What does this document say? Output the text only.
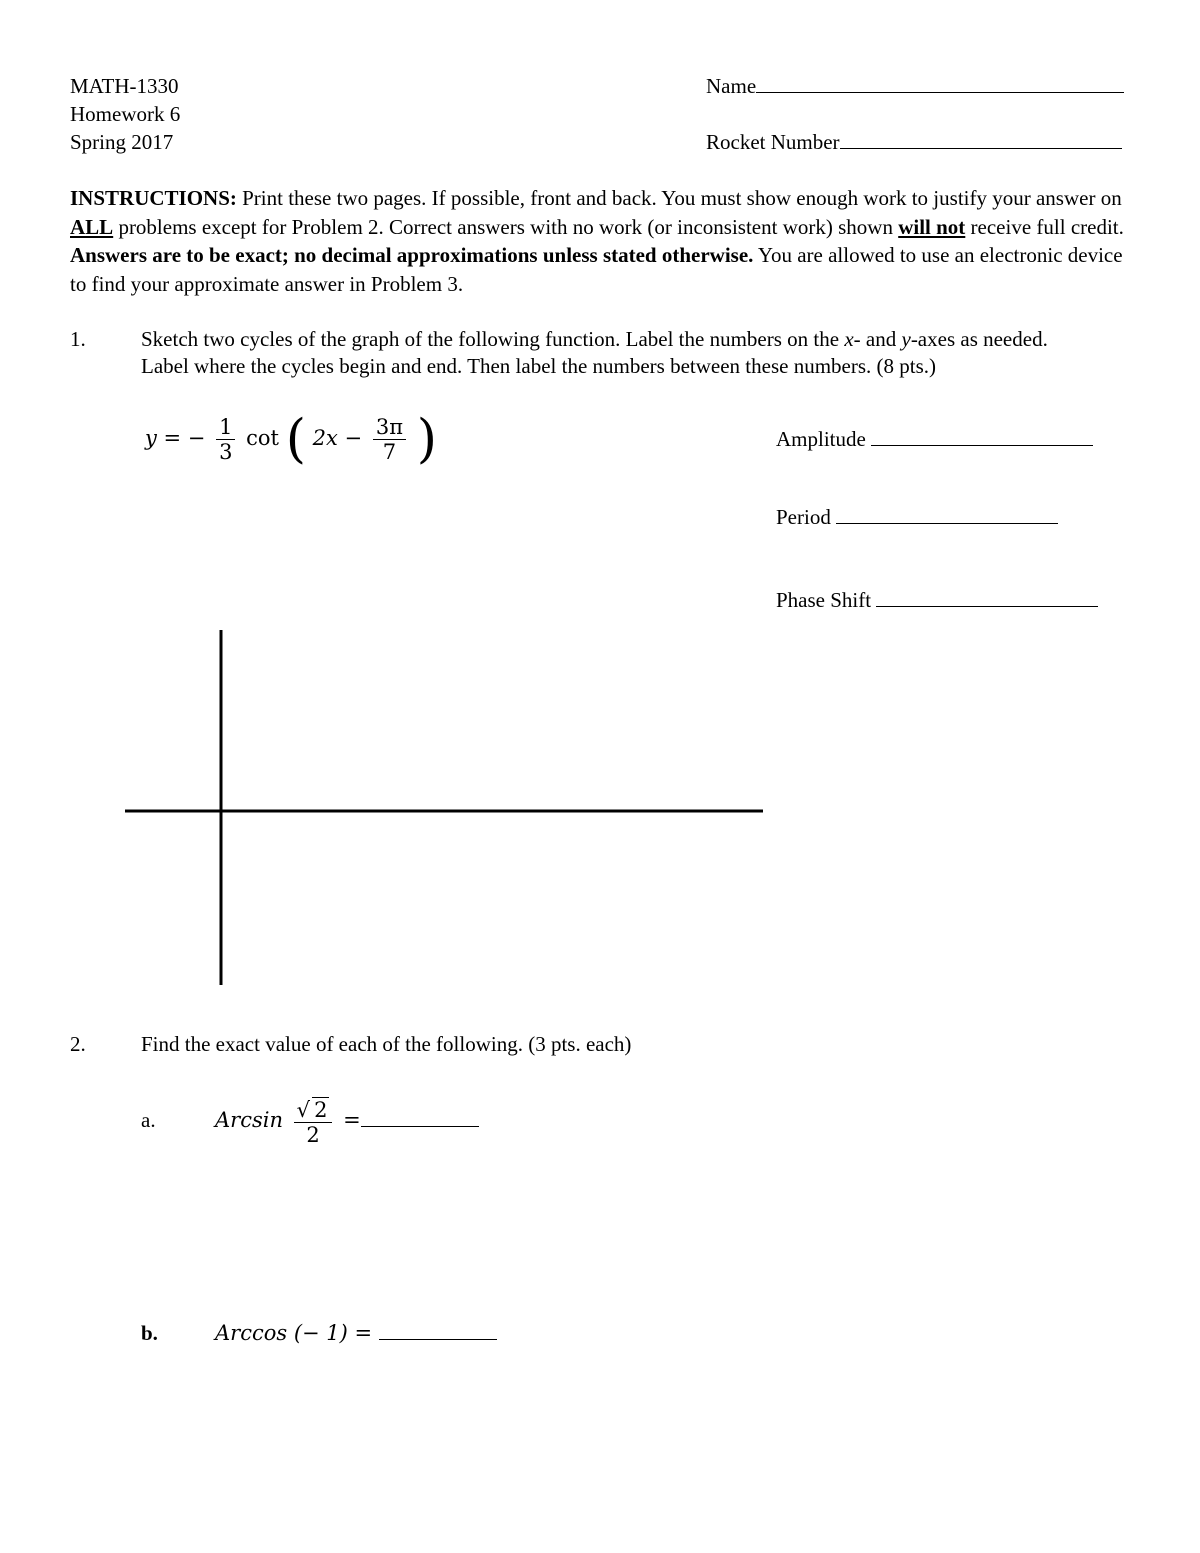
MATH-1330
Homework 6
Spring 2017
Name
Rocket Number
INSTRUCTIONS: Print these two pages. If possible, front and back. You must show enough work to justify your answer on ALL problems except for Problem 2. Correct answers with no work (or inconsistent work) shown will not receive full credit. Answers are to be exact; no decimal approximations unless stated otherwise. You are allowed to use an electronic device to find your approximate answer in Problem 3.
1.	Sketch two cycles of the graph of the following function. Label the numbers on the x- and y-axes as needed.
Label where the cycles begin and end. Then label the numbers between these numbers. (8 pts.)
y = − $\frac{1}{3}$ cot ( $2x - \frac{3\pi}{7}$ )	Amplitude
Period
Phase Shift
2.	Find the exact value of each of the following. (3 pts. each)
a.	Arcsin $\frac{√ 2}{2}$ =
b.	Arccos (− 1) =
